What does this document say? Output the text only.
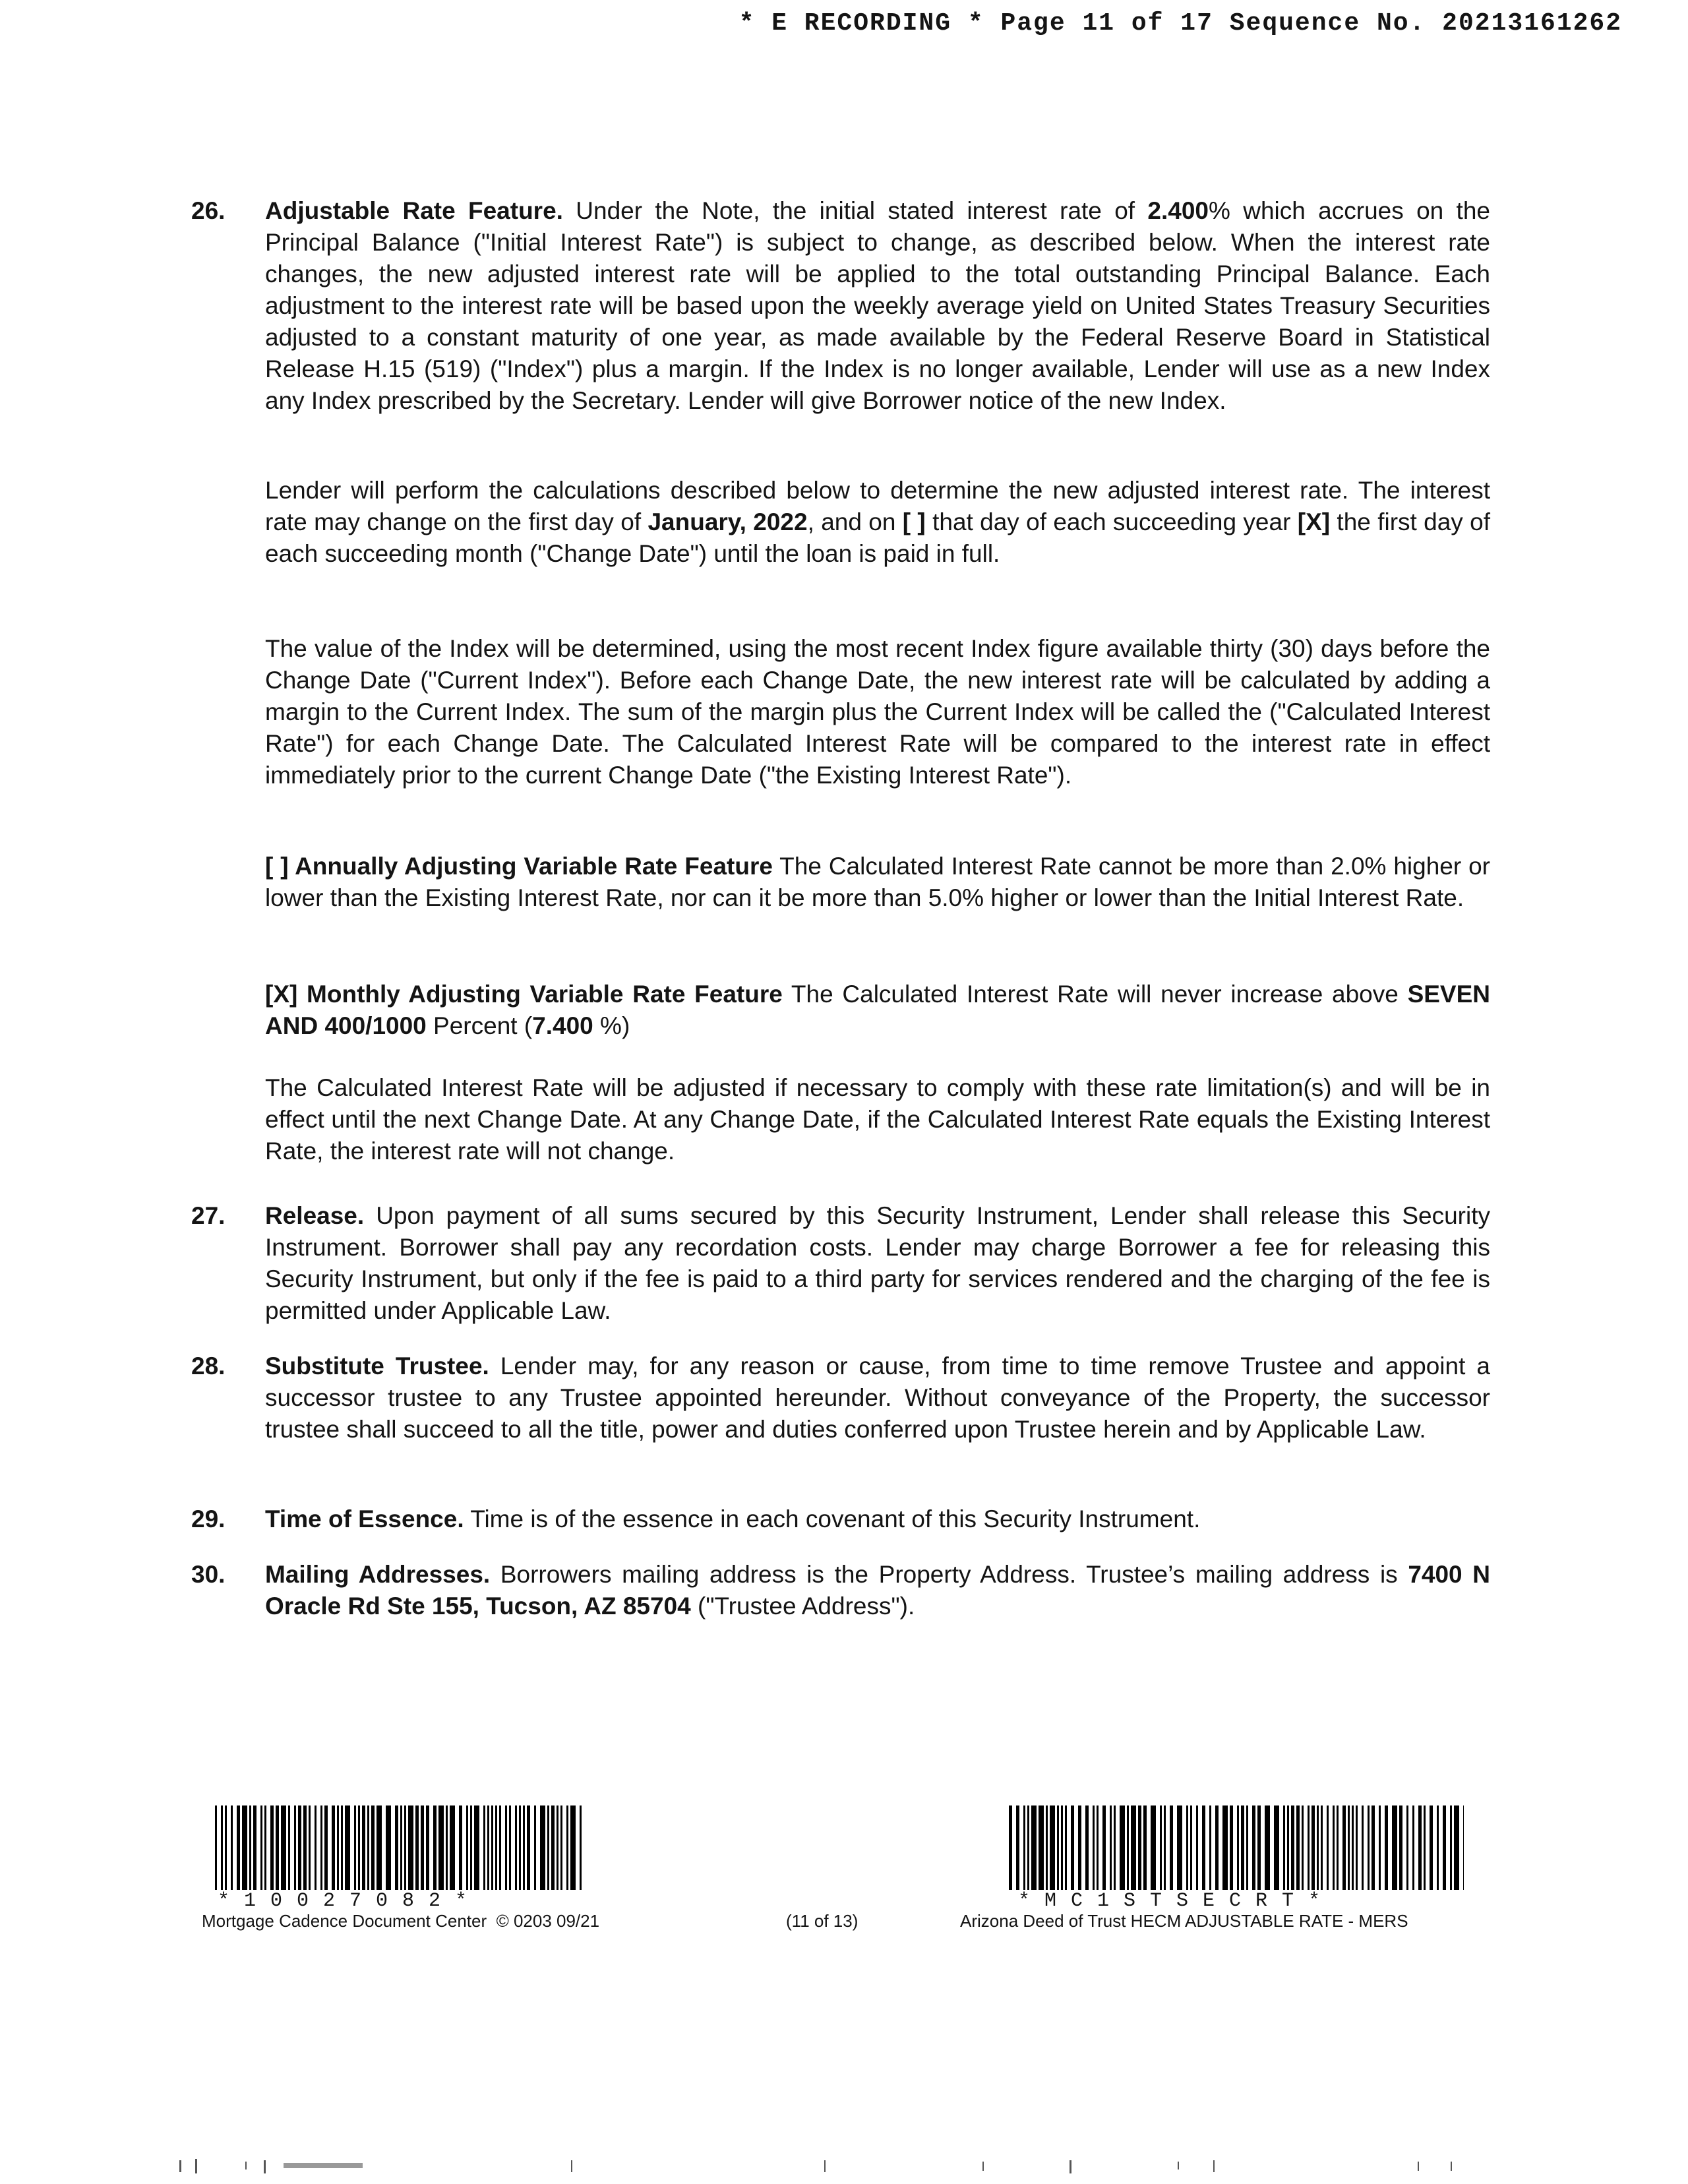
* E RECORDING * Page 11 of 17 Sequence No. 20213161262
26.	Adjustable Rate Feature. Under the Note, the initial stated interest rate of 2.400% which accrues on the Principal Balance ("Initial Interest Rate") is subject to change, as described below. When the interest rate changes, the new adjusted interest rate will be applied to the total outstanding Principal Balance. Each adjustment to the interest rate will be based upon the weekly average yield on United States Treasury Securities adjusted to a constant maturity of one year, as made available by the Federal Reserve Board in Statistical Release H.15 (519) ("Index") plus a margin. If the Index is no longer available, Lender will use as a new Index any Index prescribed by the Secretary. Lender will give Borrower notice of the new Index.
Lender will perform the calculations described below to determine the new adjusted interest rate. The interest rate may change on the first day of January, 2022, and on [ ] that day of each succeeding year [X] the first day of each succeeding month ("Change Date") until the loan is paid in full.
The value of the Index will be determined, using the most recent Index figure available thirty (30) days before the Change Date ("Current Index"). Before each Change Date, the new interest rate will be calculated by adding a margin to the Current Index. The sum of the margin plus the Current Index will be called the ("Calculated Interest Rate") for each Change Date. The Calculated Interest Rate will be compared to the interest rate in effect immediately prior to the current Change Date ("the Existing Interest Rate").
[ ] Annually Adjusting Variable Rate Feature The Calculated Interest Rate cannot be more than 2.0% higher or lower than the Existing Interest Rate, nor can it be more than 5.0% higher or lower than the Initial Interest Rate.
[X] Monthly Adjusting Variable Rate Feature The Calculated Interest Rate will never increase above SEVEN AND 400/1000 Percent (7.400 %)
The Calculated Interest Rate will be adjusted if necessary to comply with these rate limitation(s) and will be in effect until the next Change Date. At any Change Date, if the Calculated Interest Rate equals the Existing Interest Rate, the interest rate will not change.
27.	Release. Upon payment of all sums secured by this Security Instrument, Lender shall release this Security Instrument. Borrower shall pay any recordation costs. Lender may charge Borrower a fee for releasing this Security Instrument, but only if the fee is paid to a third party for services rendered and the charging of the fee is permitted under Applicable Law.
28.	Substitute Trustee. Lender may, for any reason or cause, from time to time remove Trustee and appoint a successor trustee to any Trustee appointed hereunder. Without conveyance of the Property, the successor trustee shall succeed to all the title, power and duties conferred upon Trustee herein and by Applicable Law.
29.	Time of Essence. Time is of the essence in each covenant of this Security Instrument.
30.	Mailing Addresses. Borrowers mailing address is the Property Address. Trustee’s mailing address is 7400 N Oracle Rd Ste 155, Tucson, AZ 85704 ("Trustee Address").
*10027082*	*MC1STSECRT*
Mortgage Cadence Document Center  © 0203 09/21	(11 of 13)	Arizona Deed of Trust HECM ADJUSTABLE RATE - MERS
